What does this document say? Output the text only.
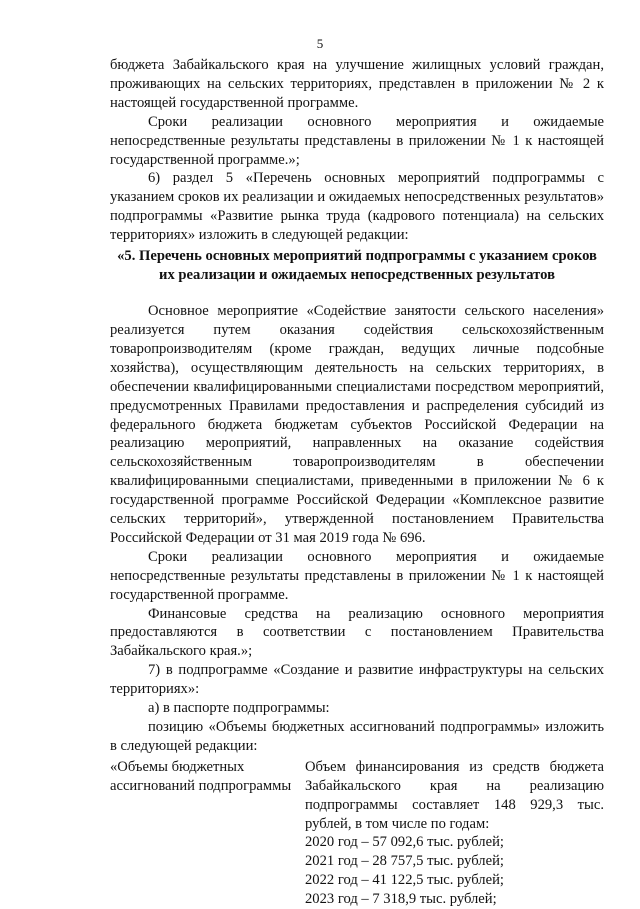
5

бюджета Забайкальского края на улучшение жилищных условий граждан, проживающих на сельских территориях, представлен в приложении № 2 к настоящей государственной программе.

Сроки реализации основного мероприятия и ожидаемые непосредственные результаты представлены в приложении № 1 к настоящей государственной программе.»;

6) раздел 5 «Перечень основных мероприятий подпрограммы с указанием сроков их реализации и ожидаемых непосредственных результатов» подпрограммы «Развитие рынка труда (кадрового потенциала) на сельских территориях» изложить в следующей редакции:

«5. Перечень основных мероприятий подпрограммы с указанием сроков их реализации и ожидаемых непосредственных результатов

Основное мероприятие «Содействие занятости сельского населения» реализуется путем оказания содействия сельскохозяйственным товаропроизводителям (кроме граждан, ведущих личные подсобные хозяйства), осуществляющим деятельность на сельских территориях, в обеспечении квалифицированными специалистами посредством мероприятий, предусмотренных Правилами предоставления и распределения субсидий из федерального бюджета бюджетам субъектов Российской Федерации на реализацию мероприятий, направленных на оказание содействия сельскохозяйственным товаропроизводителям в обеспечении квалифицированными специалистами, приведенными в приложении № 6 к государственной программе Российской Федерации «Комплексное развитие сельских территорий», утвержденной постановлением Правительства Российской Федерации от 31 мая 2019 года № 696.

Сроки реализации основного мероприятия и ожидаемые непосредственные результаты представлены в приложении № 1 к настоящей государственной программе.

Финансовые средства на реализацию основного мероприятия предоставляются в соответствии с постановлением Правительства Забайкальского края.»;

7) в подпрограмме «Создание и развитие инфраструктуры на сельских территориях»:

а) в паспорте подпрограммы:

позицию «Объемы бюджетных ассигнований подпрограммы» изложить в следующей редакции:

«Объемы бюджетных ассигнований подпрограммы

Объем финансирования из средств бюджета Забайкальского края на реализацию подпрограммы составляет 148 929,3 тыс. рублей, в том числе по годам:

2020 год – 57 092,6 тыс. рублей;

2021 год – 28 757,5 тыс. рублей;

2022 год – 41 122,5 тыс. рублей;

2023 год – 7 318,9 тыс. рублей;
